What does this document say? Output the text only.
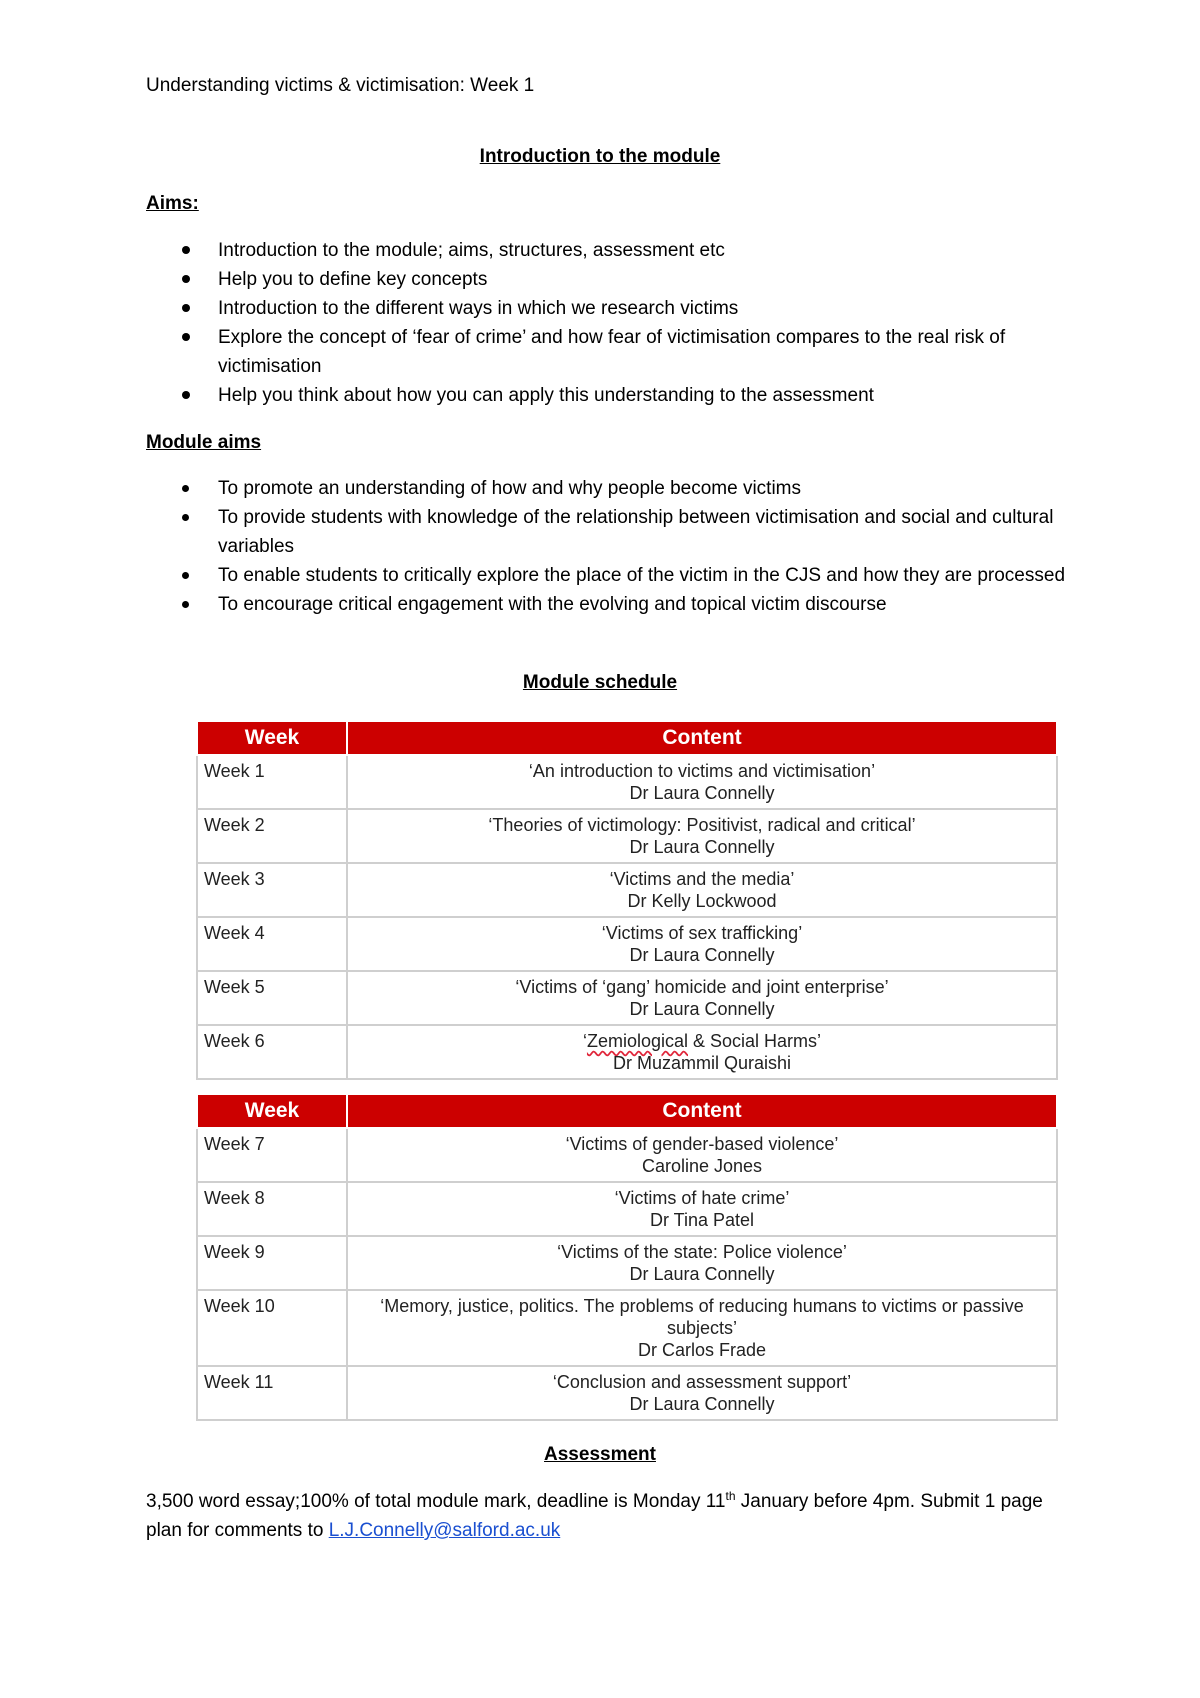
Understanding victims & victimisation: Week 1
Introduction to the module
Aims:
Introduction to the module; aims, structures, assessment etc
Help you to define key concepts
Introduction to the different ways in which we research victims
Explore the concept of ‘fear of crime’ and how fear of victimisation compares to the real risk of victimisation
Help you think about how you can apply this understanding to the assessment
Module aims
To promote an understanding of how and why people become victims
To provide students with knowledge of the relationship between victimisation and social and cultural variables
To enable students to critically explore the place of the victim in the CJS and how they are processed
To encourage critical engagement with the evolving and topical victim discourse
Module schedule
Week	Content
Week 1	‘An introduction to victims and victimisation’
Dr Laura Connelly

Week 2	‘Theories of victimology: Positivist, radical and critical’
Dr Laura Connelly

Week 3	‘Victims and the media’
Dr Kelly Lockwood

Week 4	‘Victims of sex trafficking’
Dr Laura Connelly

Week 5	‘Victims of ‘gang’ homicide and joint enterprise’
Dr Laura Connelly

Week 6	‘Zemiological & Social Harms’
Dr Muzammil Quraishi
Week	Content
Week 7	‘Victims of gender-based violence’
Caroline Jones

Week 8	‘Victims of hate crime’
Dr Tina Patel

Week 9	‘Victims of the state: Police violence’
Dr Laura Connelly

Week 10	‘Memory, justice, politics. The problems of reducing humans to victims or passive subjects’
Dr Carlos Frade

Week 11	‘Conclusion and assessment support’
Dr Laura Connelly
Assessment
3,500 word essay;100% of total module mark, deadline is Monday 11th January before 4pm. Submit 1 page plan for comments to L.J.Connelly@salford.ac.uk
